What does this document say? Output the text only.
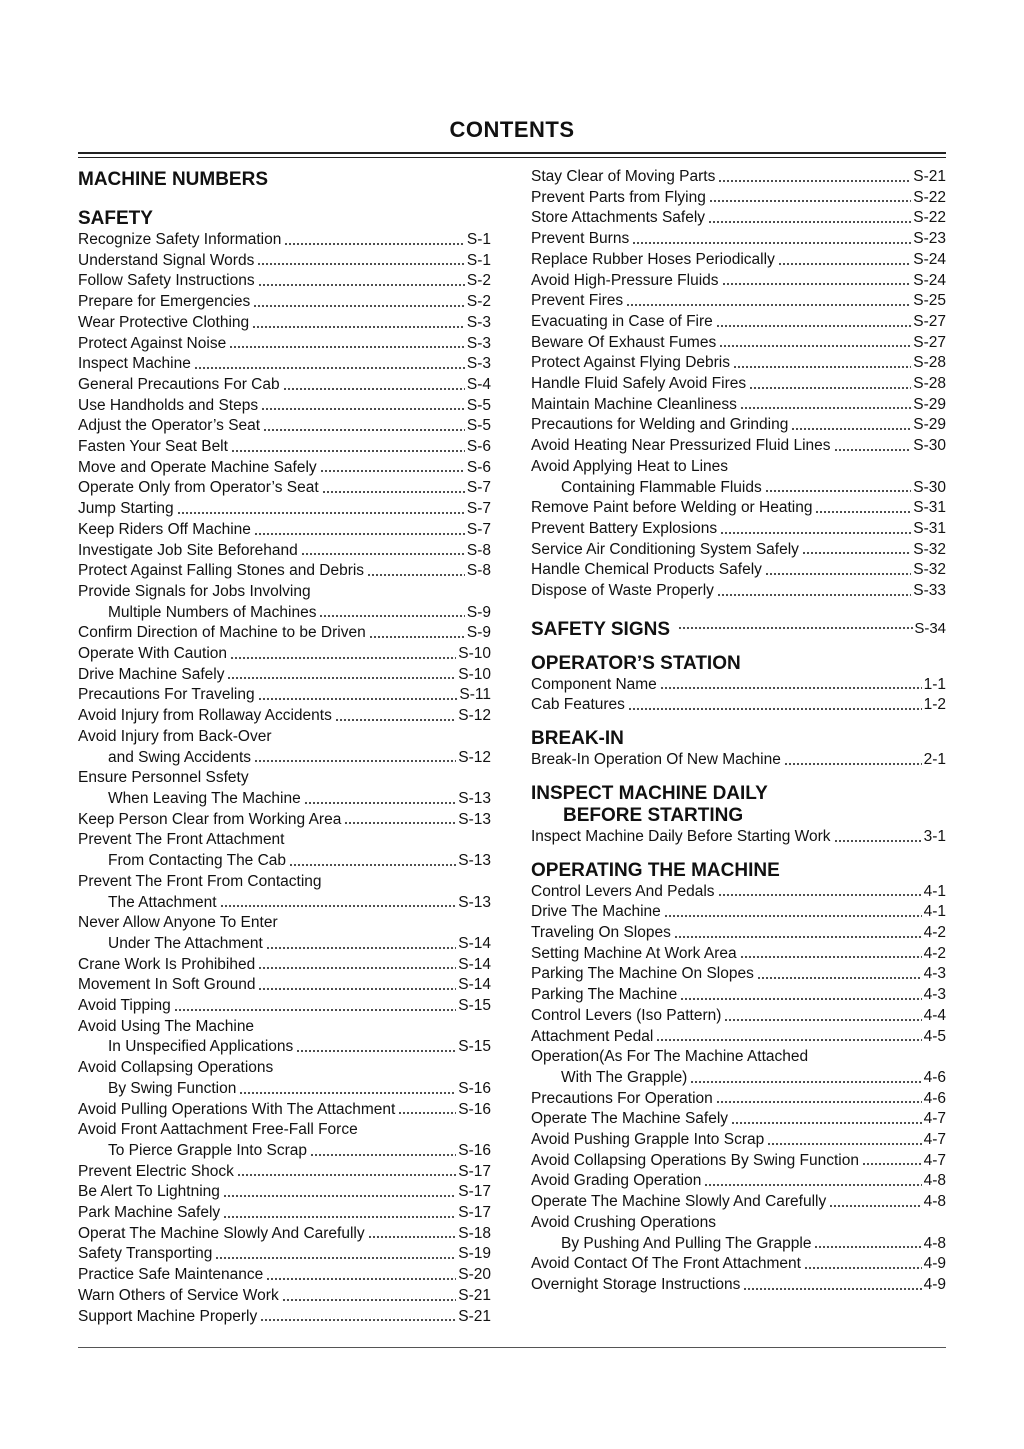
CONTENTS
MACHINE NUMBERS
SAFETY
Recognize Safety Information	S-1
Understand Signal Words	S-1
Follow Safety Instructions	S-2
Prepare for Emergencies	S-2
Wear Protective Clothing	S-3
Protect Against Noise	S-3
Inspect Machine	S-3
General Precautions For Cab	S-4
Use Handholds and Steps	S-5
Adjust the Operator’s Seat	S-5
Fasten Your Seat Belt	S-6
Move and Operate Machine Safely	S-6
Operate Only from Operator’s Seat	S-7
Jump Starting	S-7
Keep Riders Off Machine	S-7
Investigate Job Site Beforehand	S-8
Protect Against Falling Stones and Debris	S-8
Provide Signals for Jobs Involving
Multiple Numbers of Machines	S-9
Confirm Direction of Machine to be Driven	S-9
Operate With Caution	S-10
Drive Machine Safely	S-10
Precautions For Traveling	S-11
Avoid Injury from Rollaway Accidents	S-12
Avoid Injury from Back-Over
and Swing Accidents	S-12
Ensure Personnel Ssfety
When Leaving The Machine	S-13
Keep Person Clear from Working Area	S-13
Prevent The Front Attachment
From Contacting The Cab	S-13
Prevent The Front From Contacting
The Attachment	S-13
Never Allow Anyone To Enter
Under The Attachment	S-14
Crane Work Is Prohibihed	S-14
Movement In Soft Ground	S-14
Avoid Tipping	S-15
Avoid Using The Machine
In Unspecified Applications	S-15
Avoid Collapsing Operations
By Swing Function	S-16
Avoid Pulling Operations With The Attachment	S-16
Avoid Front Aattachment Free-Fall Force
To Pierce Grapple Into Scrap	S-16
Prevent Electric Shock	S-17
Be Alert To Lightning	S-17
Park Machine Safely	S-17
Operat The Machine Slowly And Carefully	S-18
Safety Transporting	S-19
Practice Safe Maintenance	S-20
Warn Others of Service Work	S-21
Support Machine Properly	S-21
Stay Clear of Moving Parts	S-21
Prevent Parts from Flying	S-22
Store Attachments Safely	S-22
Prevent Burns	S-23
Replace Rubber Hoses Periodically	S-24
Avoid High-Pressure Fluids	S-24
Prevent Fires	S-25
Evacuating in Case of Fire	S-27
Beware Of Exhaust Fumes	S-27
Protect Against Flying Debris	S-28
Handle Fluid Safely Avoid Fires	S-28
Maintain Machine Cleanliness	S-29
Precautions for Welding and Grinding	S-29
Avoid Heating Near Pressurized Fluid Lines	S-30
Avoid Applying Heat to Lines
Containing Flammable Fluids	S-30
Remove Paint before Welding or Heating	S-31
Prevent Battery Explosions	S-31
Service Air Conditioning System Safely	S-32
Handle Chemical Products Safely	S-32
Dispose of Waste Properly	S-33
SAFETY SIGNS	S-34
OPERATOR’S STATION
Component Name	1-1
Cab Features	1-2
BREAK-IN
Break-In Operation Of New Machine	2-1
INSPECT MACHINE DAILY
BEFORE STARTING
Inspect Machine Daily Before Starting Work	3-1
OPERATING THE MACHINE
Control Levers And Pedals	4-1
Drive The Machine	4-1
Traveling On Slopes	4-2
Setting Machine At Work Area	4-2
Parking The Machine On Slopes	4-3
Parking The Machine	4-3
Control Levers (Iso Pattern)	4-4
Attachment Pedal	4-5
Operation(As For The Machine Attached
With The Grapple)	4-6
Precautions For Operation	4-6
Operate The Machine Safely	4-7
Avoid Pushing Grapple Into Scrap	4-7
Avoid Collapsing Operations By Swing Function	4-7
Avoid Grading Operation	4-8
Operate The Machine Slowly And Carefully	4-8
Avoid Crushing Operations
By Pushing And Pulling The Grapple	4-8
Avoid Contact Of The Front Attachment	4-9
Overnight Storage Instructions	4-9
